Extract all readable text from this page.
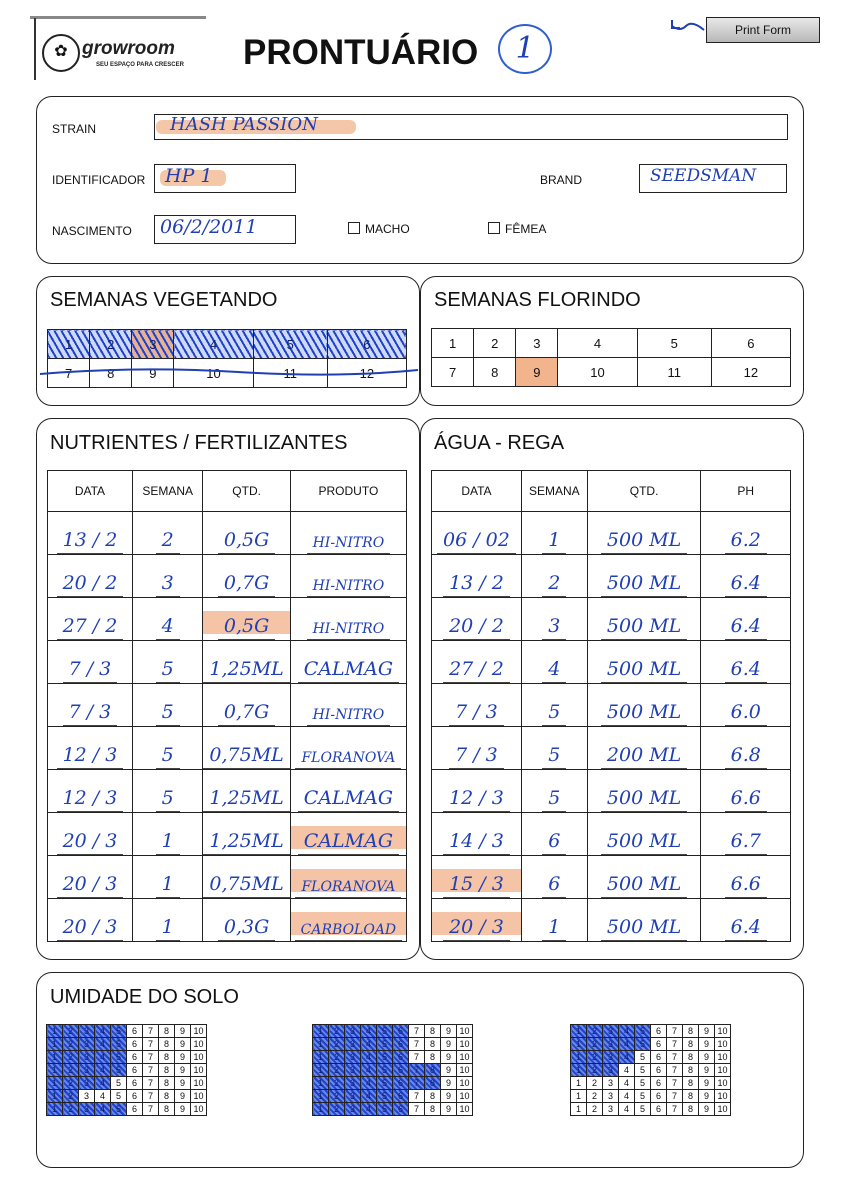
✿ growroom
SEU ESPAÇO PARA CRESCER PRONTUÁRIO	1
Print Form
STRAIN	HASH PASSION
IDENTIFICADOR HP 1	BRAND	SEEDSMAN
NASCIMENTO 06/2/2011	MACHO	FÊMEA
SEMANAS VEGETANDO
1	2	3	4	5	6
7	8	9	10	11	12
SEMANAS FLORINDO
1	2	3	4	5	6
7	8	9	10	11	12
NUTRIENTES / FERTILIZANTES
DATA	SEMANA	QTD.	PRODUTO
13 / 2	2	0,5G	HI-NITRO
20 / 2	3	0,7G	HI-NITRO
27 / 2	4	0,5G	HI-NITRO
7 / 3	5	1,25ML	CALMAG
7 / 3	5	0,7G	HI-NITRO
12 / 3	5	0,75ML	FLORANOVA
12 / 3	5	1,25ML	CALMAG
20 / 3	1	1,25ML	CALMAG
20 / 3	1	0,75ML	FLORANOVA
20 / 3	1	0,3G	CARBOLOAD
ÁGUA - REGA
DATA	SEMANA	QTD.	PH
06 / 02	1	500 ML	6.2
13 / 2	2	500 ML	6.4
20 / 2	3	500 ML	6.4
27 / 2	4	500 ML	6.4
7 / 3	5	500 ML	6.0
7 / 3	5	200 ML	6.8
12 / 3	5	500 ML	6.6
14 / 3	6	500 ML	6.7
15 / 3	6	500 ML	6.6
20 / 3	1	500 ML	6.4
UMIDADE DO SOLO
1	2	3	4	5	6	7	8	9	10
1	2	3	4	5	6	7	8	9	10
1	2	3	4	5	6	7	8	9	10
1	2	3	4	5	6	7	8	9	10
1	2	3	4	5	6	7	8	9	10
1	2	3	4	5	6	7	8	9	10
1	2	3	4	5	6	7	8	9	10
1	2	3	4	5	6	7	8	9	10
1	2	3	4	5	6	7	8	9	10
1	2	3	4	5	6	7	8	9	10
1	2	3	4	5	6	7	8	9	10
1	2	3	4	5	6	7	8	9	10
1	2	3	4	5	6	7	8	9	10
1	2	3	4	5	6	7	8	9	10
1	2	3	4	5	6	7	8	9	10
1	2	3	4	5	6	7	8	9	10
1	2	3	4	5	6	7	8	9	10
1	2	3	4	5	6	7	8	9	10
1	2	3	4	5	6	7	8	9	10
1	2	3	4	5	6	7	8	9	10
1	2	3	4	5	6	7	8	9	10
